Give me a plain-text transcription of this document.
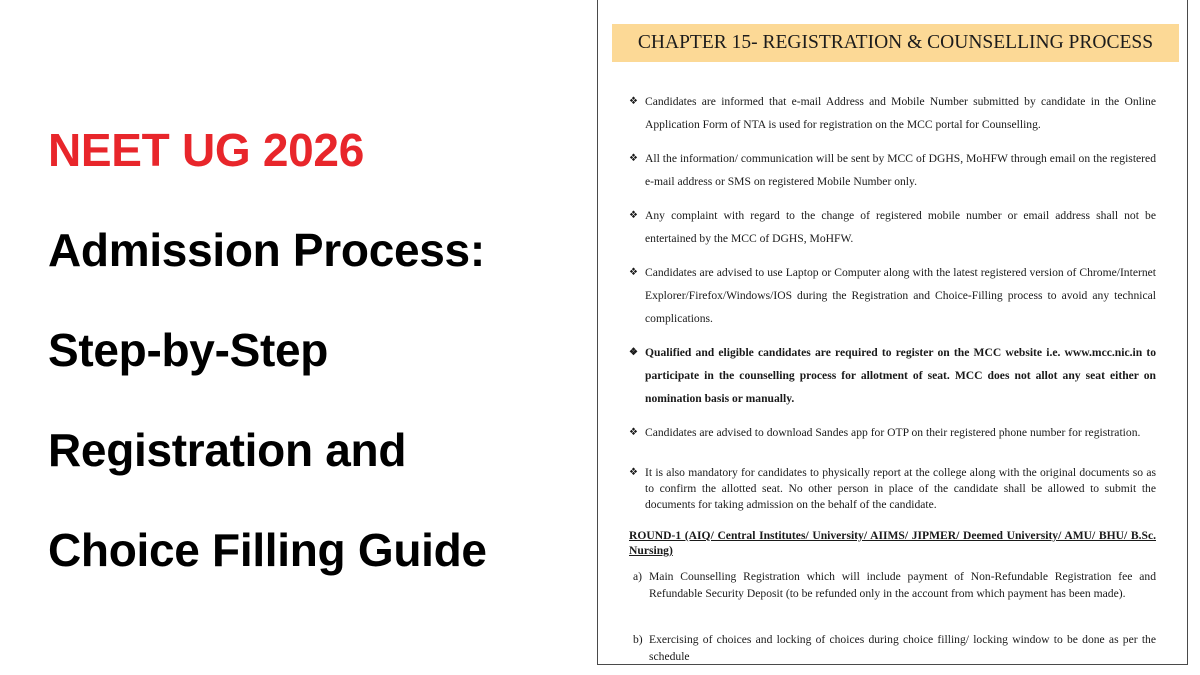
NEET UG 2026
Admission Process:
Step-by-Step
Registration and
Choice Filling Guide
CHAPTER 15- REGISTRATION & COUNSELLING PROCESS
❖ Candidates are informed that e-mail Address and Mobile Number submitted by candidate in the Online Application Form of NTA is used for registration on the MCC portal for Counselling.
❖ All the information/ communication will be sent by MCC of DGHS, MoHFW through email on the registered e-mail address or SMS on registered Mobile Number only.
❖ Any complaint with regard to the change of registered mobile number or email address shall not be entertained by the MCC of DGHS, MoHFW.
❖ Candidates are advised to use Laptop or Computer along with the latest registered version of Chrome/Internet Explorer/Firefox/Windows/IOS during the Registration and Choice-Filling process to avoid any technical complications.
❖ Qualified and eligible candidates are required to register on the MCC website i.e. www.mcc.nic.in to participate in the counselling process for allotment of seat. MCC does not allot any seat either on nomination basis or manually.
❖ Candidates are advised to download Sandes app for OTP on their registered phone number for registration.
❖ It is also mandatory for candidates to physically report at the college along with the original documents so as to confirm the allotted seat. No other person in place of the candidate shall be allowed to submit the documents for taking admission on the behalf of the candidate.
ROUND-1 (AIQ/ Central Institutes/ University/ AIIMS/ JIPMER/ Deemed University/ AMU/ BHU/ B.Sc. Nursing)
a) Main Counselling Registration which will include payment of Non-Refundable Registration fee and Refundable Security Deposit (to be refunded only in the account from which payment has been made).
b) Exercising of choices and locking of choices during choice filling/ locking window to be done as per the schedule
